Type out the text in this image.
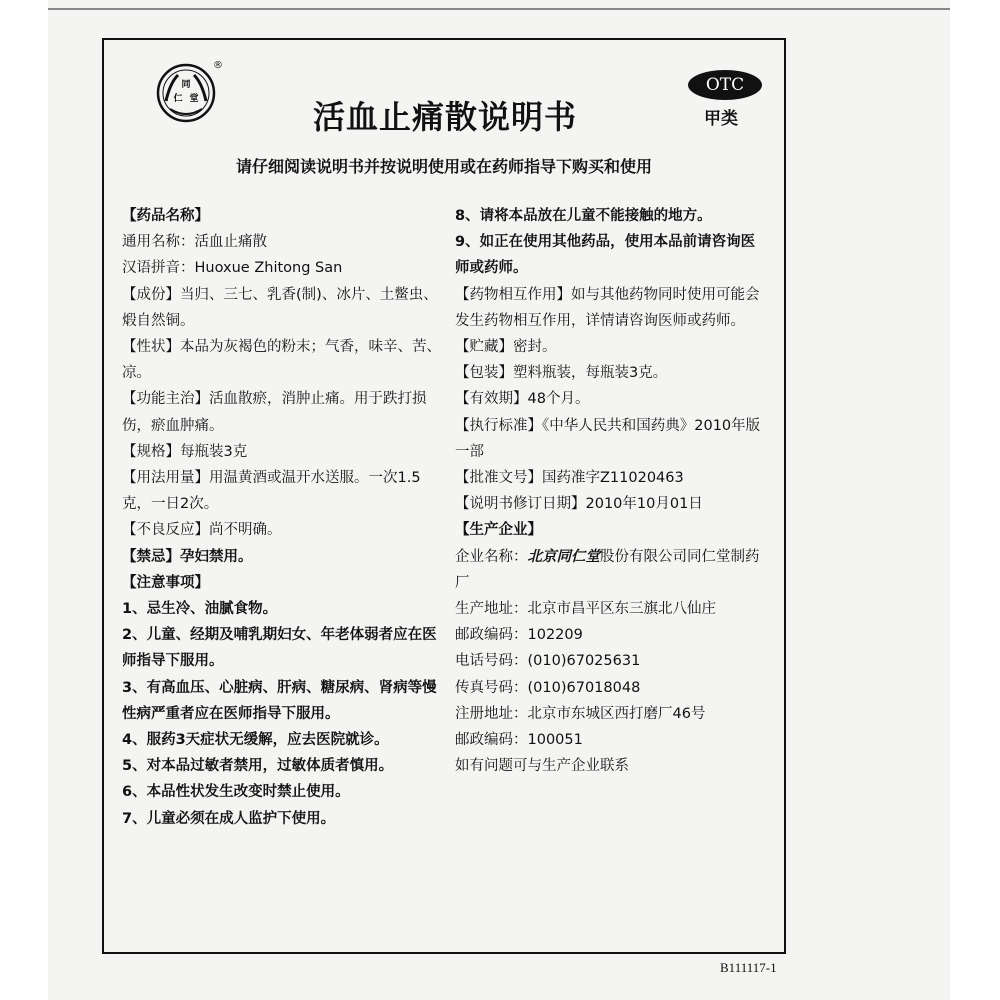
同
仁 堂
®
活血止痛散说明书
OTC
甲类
请仔细阅读说明书并按说明使用或在药师指导下购买和使用

【药品名称】

通用名称：活血止痛散

汉语拼音：Huoxue Zhitong San

【成份】当归、三七、乳香(制)、冰片、土鳖虫、煅自然铜。

【性状】本品为灰褐色的粉末；气香，味辛、苦、凉。

【功能主治】活血散瘀，消肿止痛。用于跌打损伤，瘀血肿痛。

【规格】每瓶装3克

【用法用量】用温黄酒或温开水送服。一次1.5克，一日2次。

【不良反应】尚不明确。

【禁忌】孕妇禁用。

【注意事项】

1、忌生冷、油腻食物。

2、儿童、经期及哺乳期妇女、年老体弱者应在医师指导下服用。

3、有高血压、心脏病、肝病、糖尿病、肾病等慢性病严重者应在医师指导下服用。

4、服药3天症状无缓解，应去医院就诊。

5、对本品过敏者禁用，过敏体质者慎用。

6、本品性状发生改变时禁止使用。

7、儿童必须在成人监护下使用。

8、请将本品放在儿童不能接触的地方。

9、如正在使用其他药品，使用本品前请咨询医师或药师。

【药物相互作用】如与其他药物同时使用可能会发生药物相互作用，详情请咨询医师或药师。

【贮藏】密封。

【包装】塑料瓶装，每瓶装3克。

【有效期】48个月。

【执行标准】《中华人民共和国药典》2010年版一部

【批准文号】国药准字Z11020463

【说明书修订日期】2010年10月01日

【生产企业】

企业名称：北京同仁堂股份有限公司同仁堂制药厂

生产地址：北京市昌平区东三旗北八仙庄

邮政编码：102209

电话号码：(010)67025631

传真号码：(010)67018048

注册地址：北京市东城区西打磨厂46号

邮政编码：100051

如有问题可与生产企业联系

B111117-1
